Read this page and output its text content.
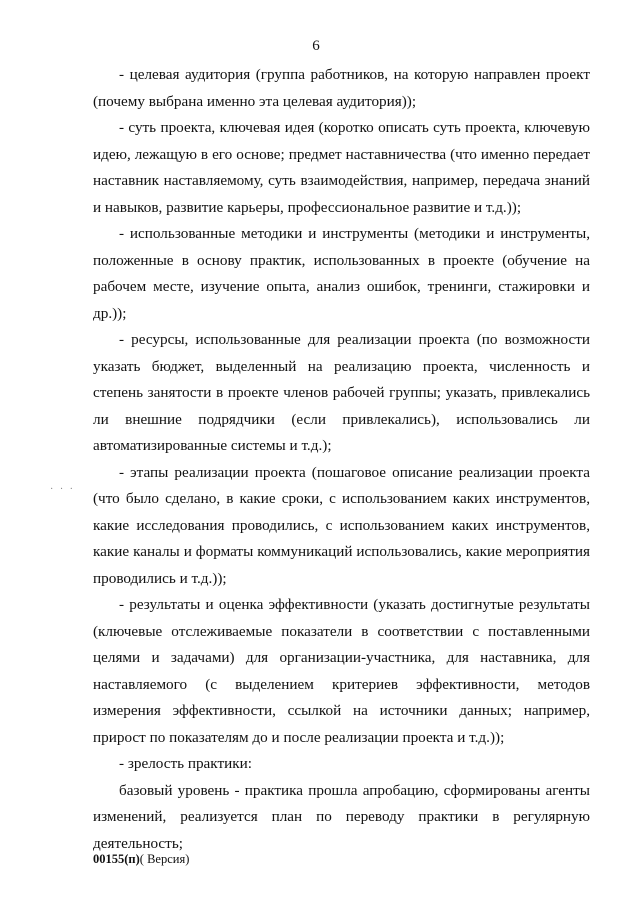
6
· · ·

- целевая аудитория (группа работников, на которую направлен проект (почему выбрана именно эта целевая аудитория));

- суть проекта, ключевая идея (коротко описать суть проекта, ключевую идею, лежащую в его основе; предмет наставничества (что именно передает наставник наставляемому, суть взаимодействия, например, передача знаний и навыков, развитие карьеры, профессиональное развитие и т.д.));

- использованные методики и инструменты (методики и инструменты, положенные в основу практик, использованных в проекте (обучение на рабочем месте, изучение опыта, анализ ошибок, тренинги, стажировки и др.));

- ресурсы, использованные для реализации проекта (по возможности указать бюджет, выделенный на реализацию проекта, численность и степень занятости в проекте членов рабочей группы; указать, привлекались ли внешние подрядчики (если привлекались), использовались ли автоматизированные системы и т.д.);

- этапы реализации проекта (пошаговое описание реализации проекта (что было сделано, в какие сроки, с использованием каких инструментов, какие исследования проводились, с использованием каких инструментов, какие каналы и форматы коммуникаций использовались, какие мероприятия проводились и т.д.));

- результаты и оценка эффективности (указать достигнутые результаты (ключевые отслеживаемые показатели в соответствии с поставленными целями и задачами) для организации-участника, для наставника, для наставляемого (с выделением критериев эффективности, методов измерения эффективности, ссылкой на источники данных; например, прирост по показателям до и после реализации проекта и т.д.));

- зрелость практики:

базовый уровень - практика прошла апробацию, сформированы агенты изменений, реализуется план по переводу практики в регулярную деятельность;

00155(п)( Версия)
